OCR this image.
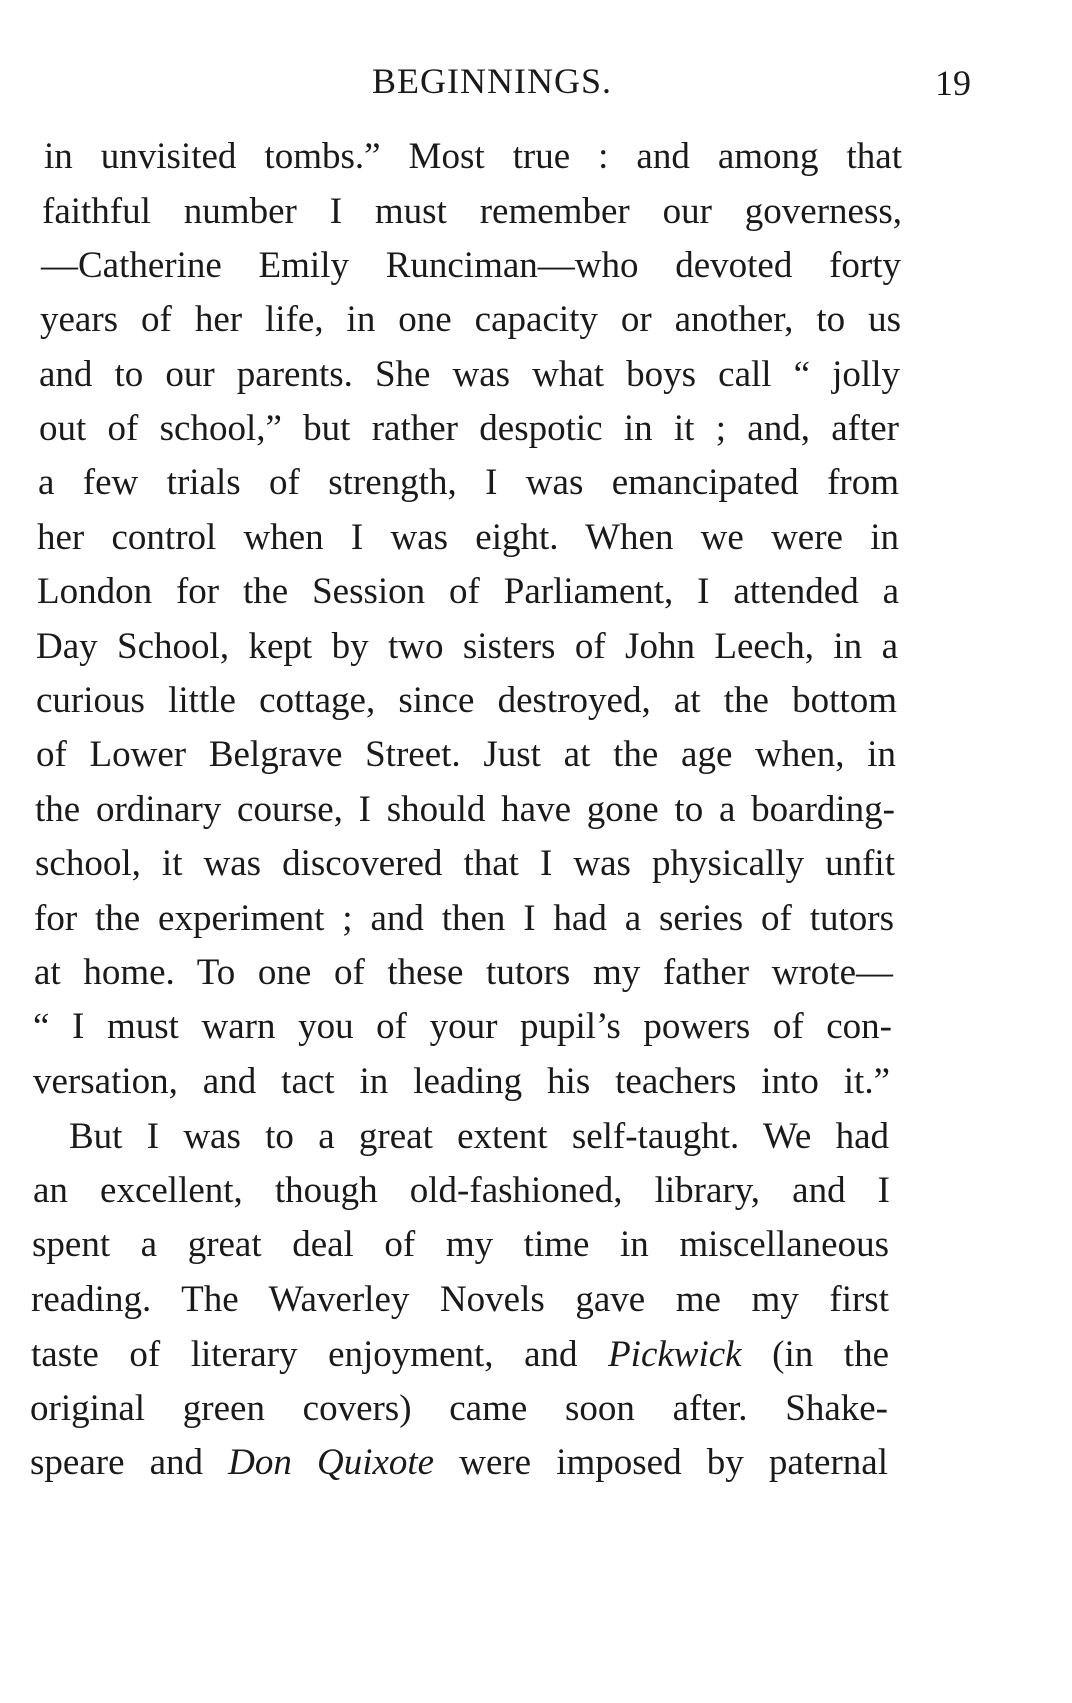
BEGINNINGS.	19
in unvisited tombs.” Most true : and among that
faithful number I must remember our governess,
—Catherine Emily Runciman—who devoted forty
years of her life, in one capacity or another, to us
and to our parents. She was what boys call “ jolly
out of school,” but rather despotic in it ; and, after
a few trials of strength, I was emancipated from
her control when I was eight. When we were in
London for the Session of Parliament, I attended a
Day School, kept by two sisters of John Leech, in a
curious little cottage, since destroyed, at the bottom
of Lower Belgrave Street. Just at the age when, in
the ordinary course, I should have gone to a boarding-
school, it was discovered that I was physically unfit
for the experiment ; and then I had a series of tutors
at home. To one of these tutors my father wrote—
“ I must warn you of your pupil’s powers of con-
versation, and tact in leading his teachers into it.”
But I was to a great extent self-taught. We had
an excellent, though old-fashioned, library, and I
spent a great deal of my time in miscellaneous
reading. The Waverley Novels gave me my first
taste of literary enjoyment, and Pickwick (in the
original green covers) came soon after. Shake-
speare and Don Quixote were imposed by paternal
